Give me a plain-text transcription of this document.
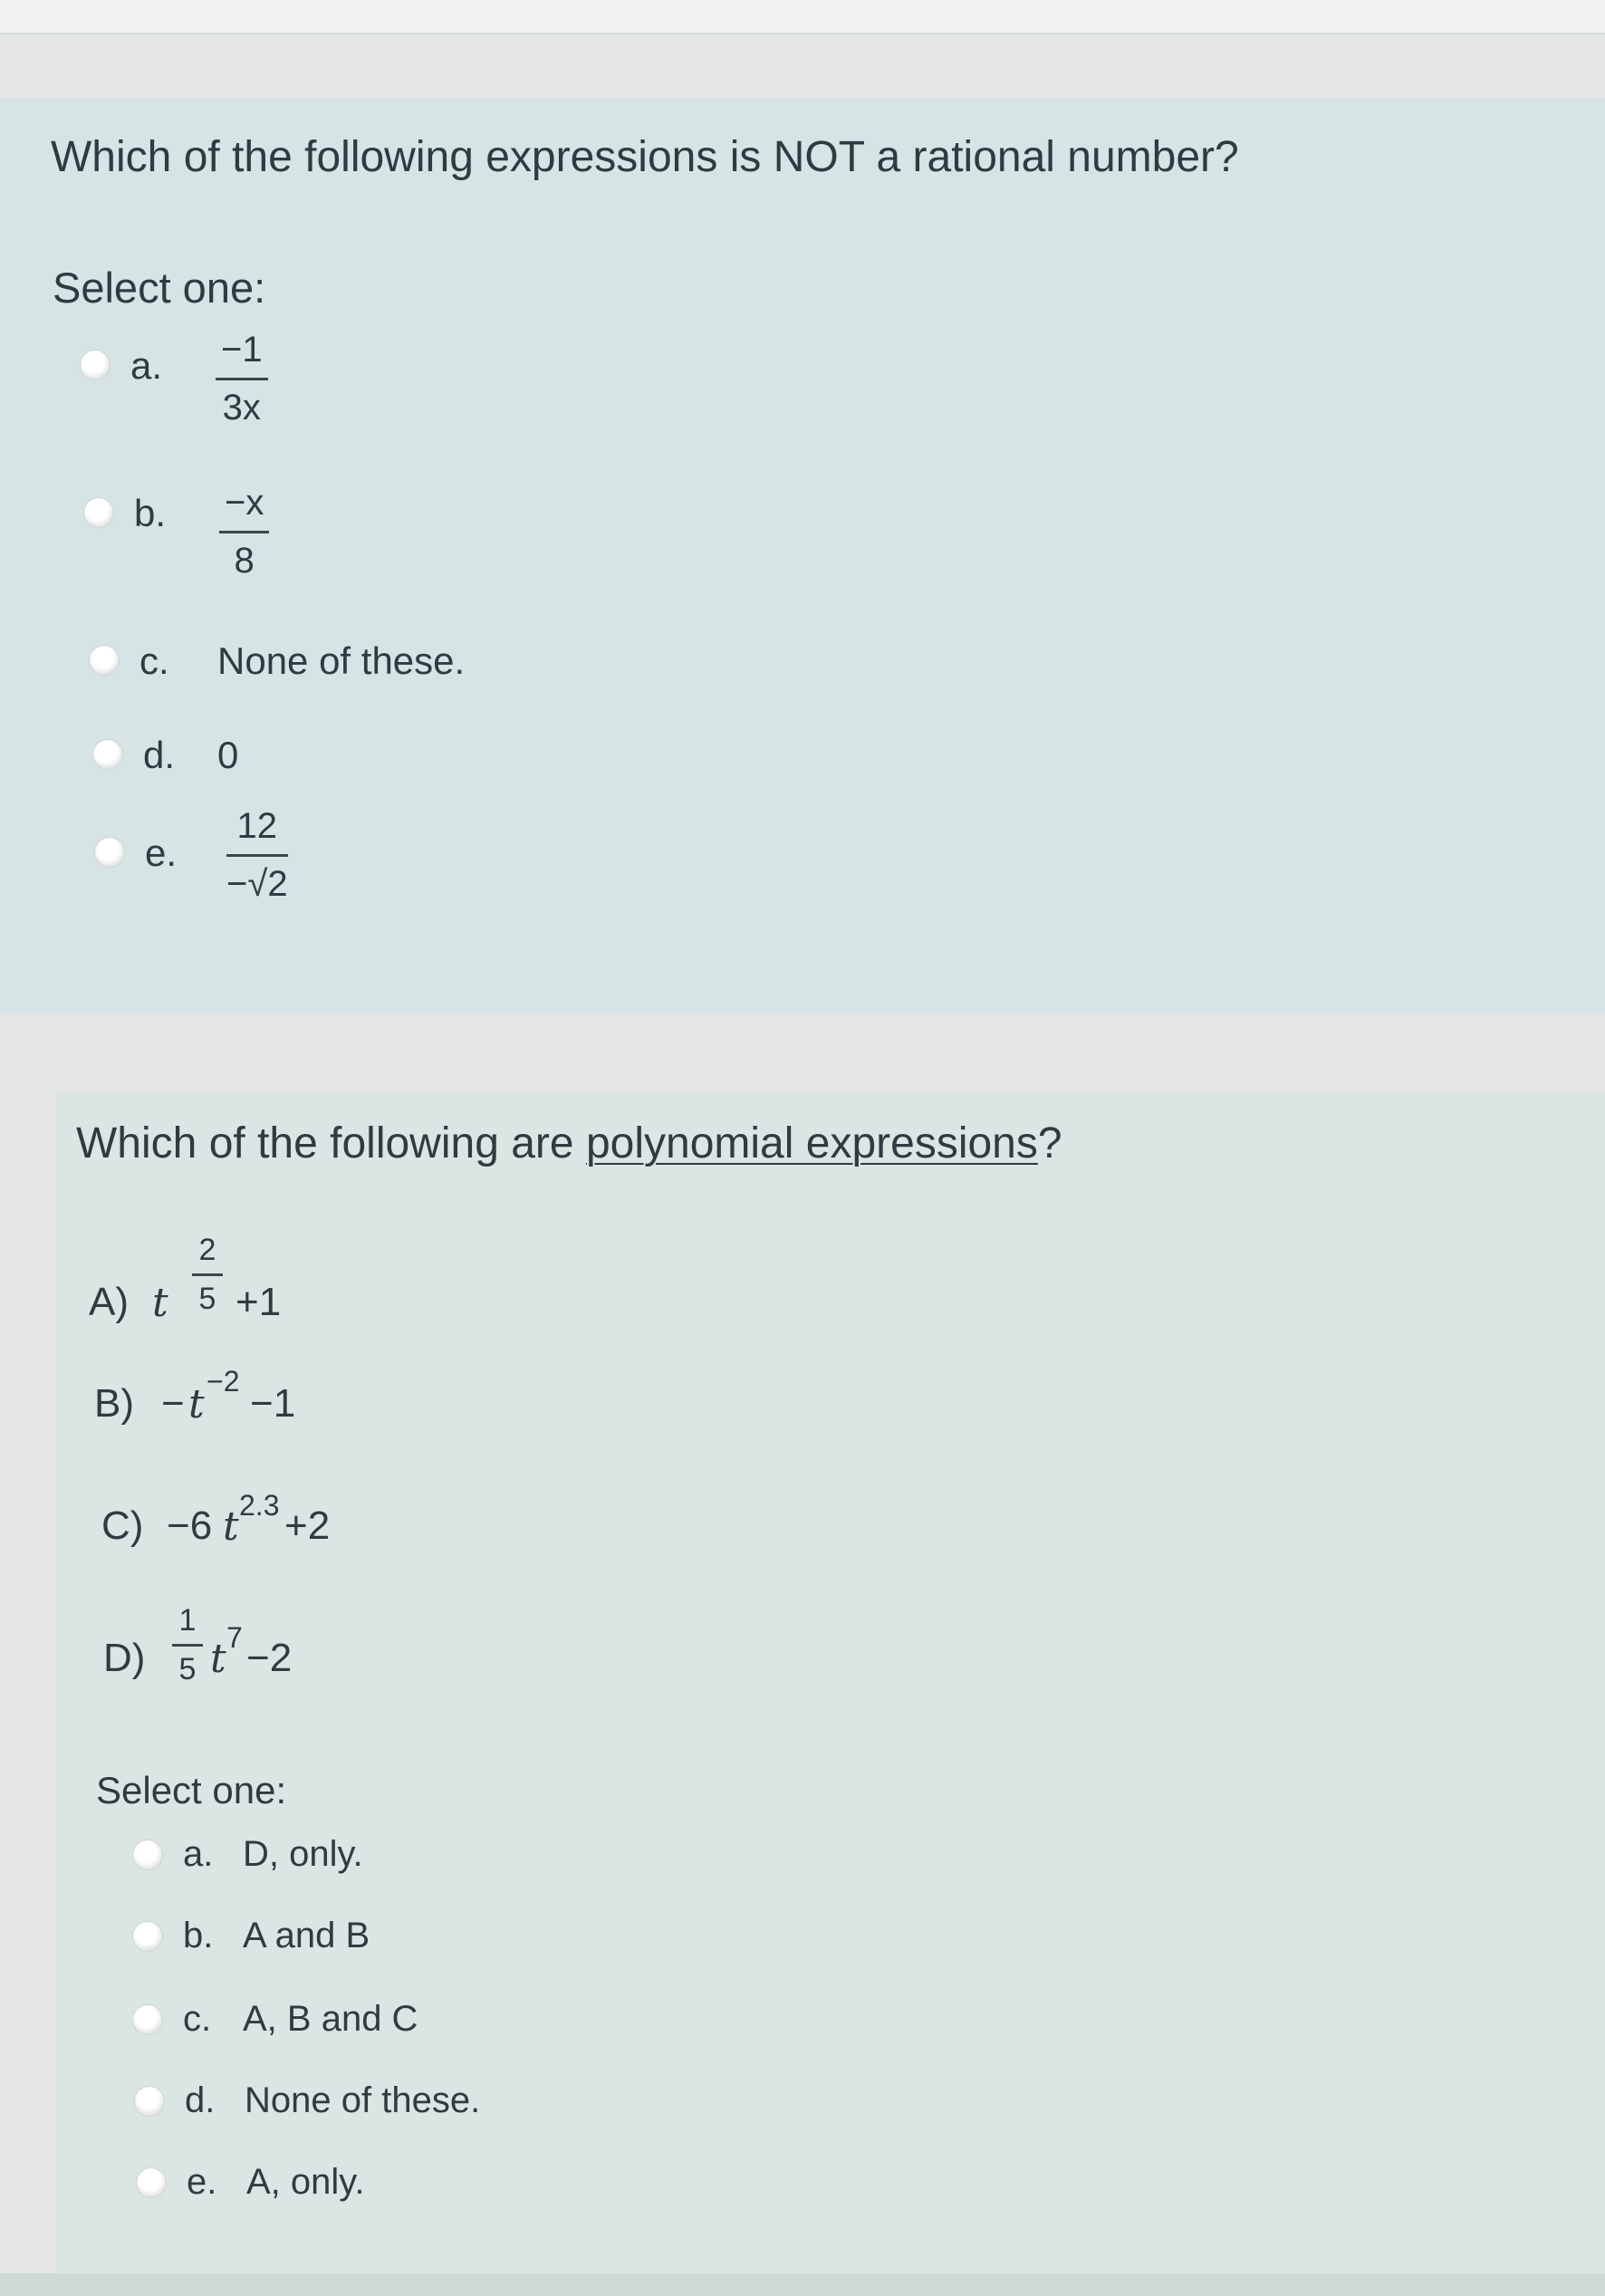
Which of the following expressions is NOT a rational number?
Select one:
a. −1
3x
b. −x
8
c. None of these.
d. 0
e.
12
−√2
Which of the following are polynomial expressions?
A) t
2
5 +1
B) − t −2 −1
C) −6 t 2.3 +2
D)
1
5 t 7 −2
Select one:
a. D, only.
b. A and B
c. A, B and C
d. None of these.
e. A, only.
